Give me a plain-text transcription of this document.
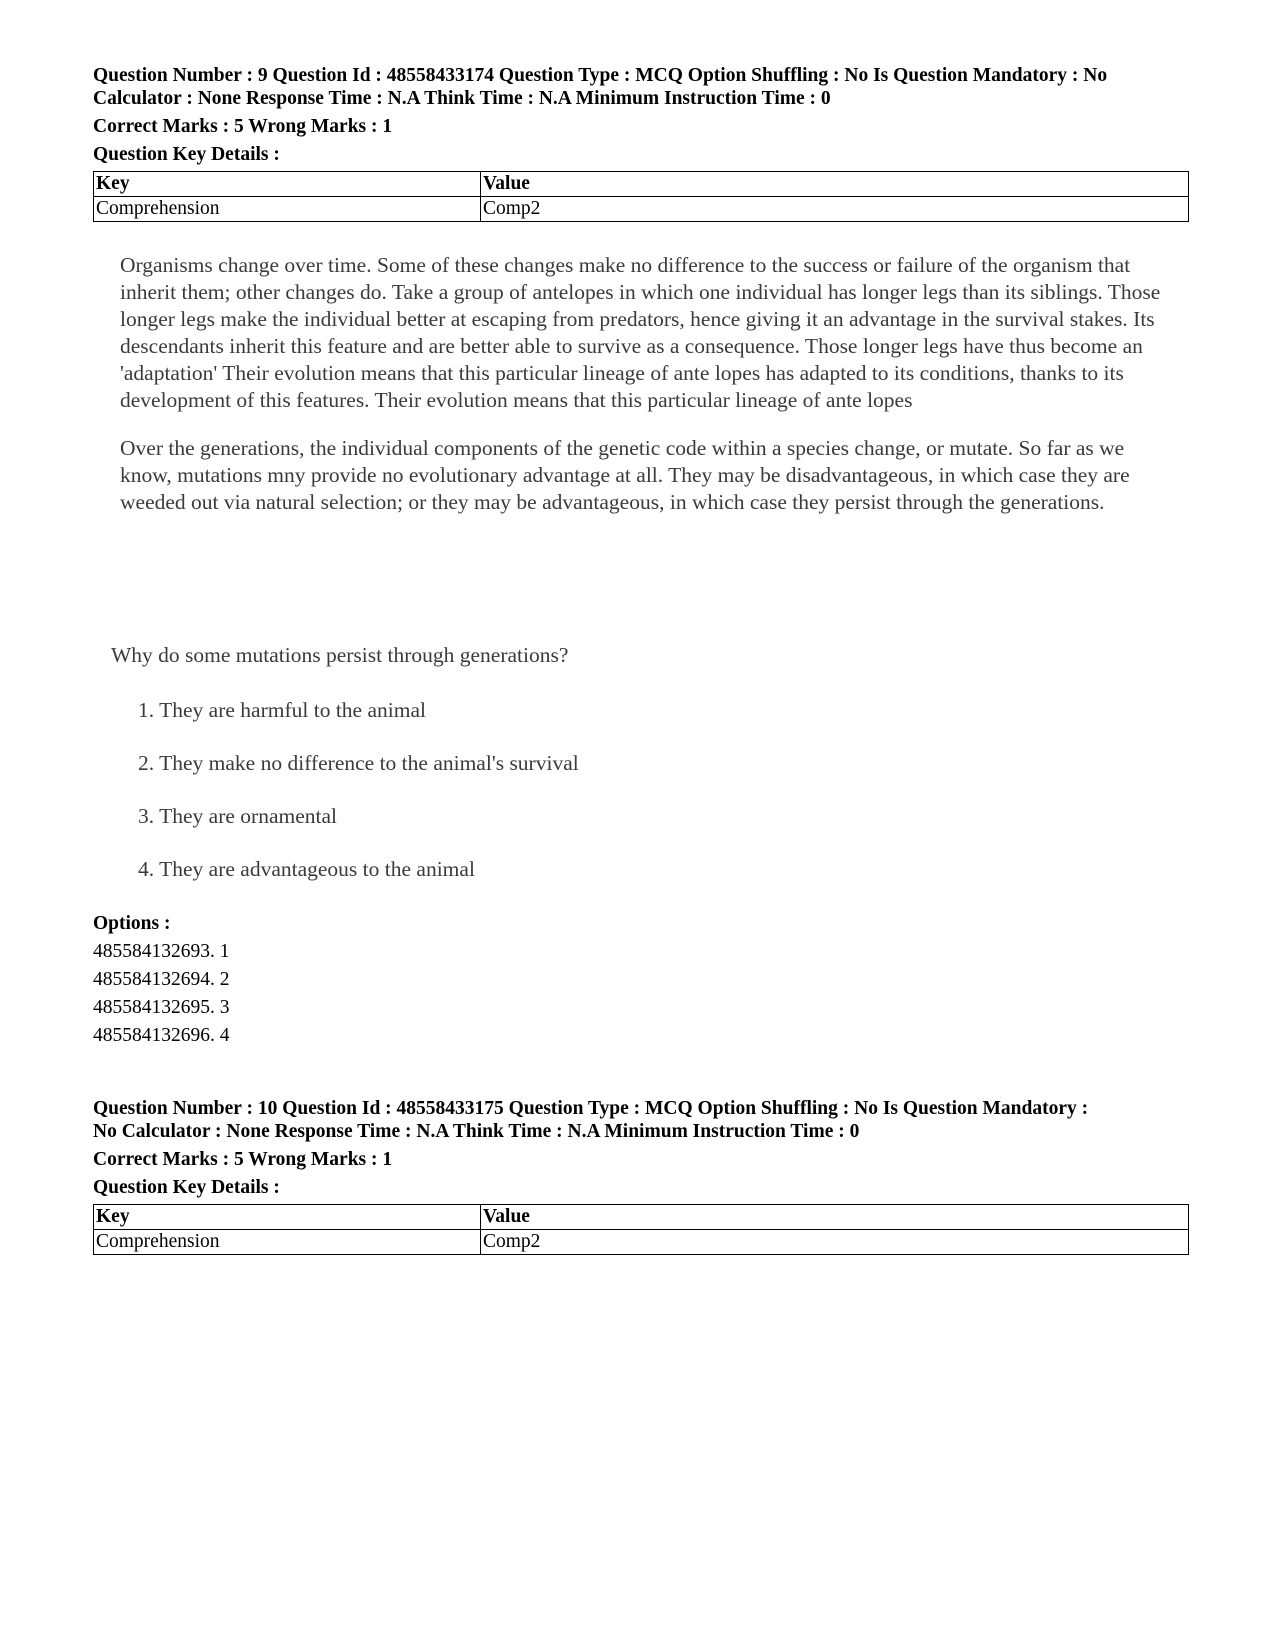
Question Number : 9 Question Id : 48558433174 Question Type : MCQ Option Shuffling : No Is Question Mandatory : No
Calculator : None Response Time : N.A Think Time : N.A Minimum Instruction Time : 0
Correct Marks : 5 Wrong Marks : 1
Question Key Details :
Key	Value
Comprehension	Comp2

Organisms change over time. Some of these changes make no difference to the success or failure of the organism that inherit them; other changes do. Take a group of antelopes in which one individual has longer legs than its siblings. Those longer legs make the individual better at escaping from predators, hence giving it an advantage in the survival stakes. Its descendants inherit this feature and are better able to survive as a consequence. Those longer legs have thus become an 'adaptation' Their evolution means that this particular lineage of ante lopes has adapted to its conditions, thanks to its development of this features. Their evolution means that this particular lineage of ante lopes

Over the generations, the individual components of the genetic code within a species change, or mutate. So far as we know, mutations mny provide no evolutionary advantage at all. They may be disadvantageous, in which case they are weeded out via natural selection; or they may be advantageous, in which case they persist through the generations.

Why do some mutations persist through generations?
1. They are harmful to the animal
2. They make no difference to the animal's survival
3. They are ornamental
4. They are advantageous to the animal
Options :
485584132693. 1
485584132694. 2
485584132695. 3
485584132696. 4
Question Number : 10 Question Id : 48558433175 Question Type : MCQ Option Shuffling : No Is Question Mandatory :
No Calculator : None Response Time : N.A Think Time : N.A Minimum Instruction Time : 0
Correct Marks : 5 Wrong Marks : 1
Question Key Details :
Key	Value
Comprehension	Comp2
